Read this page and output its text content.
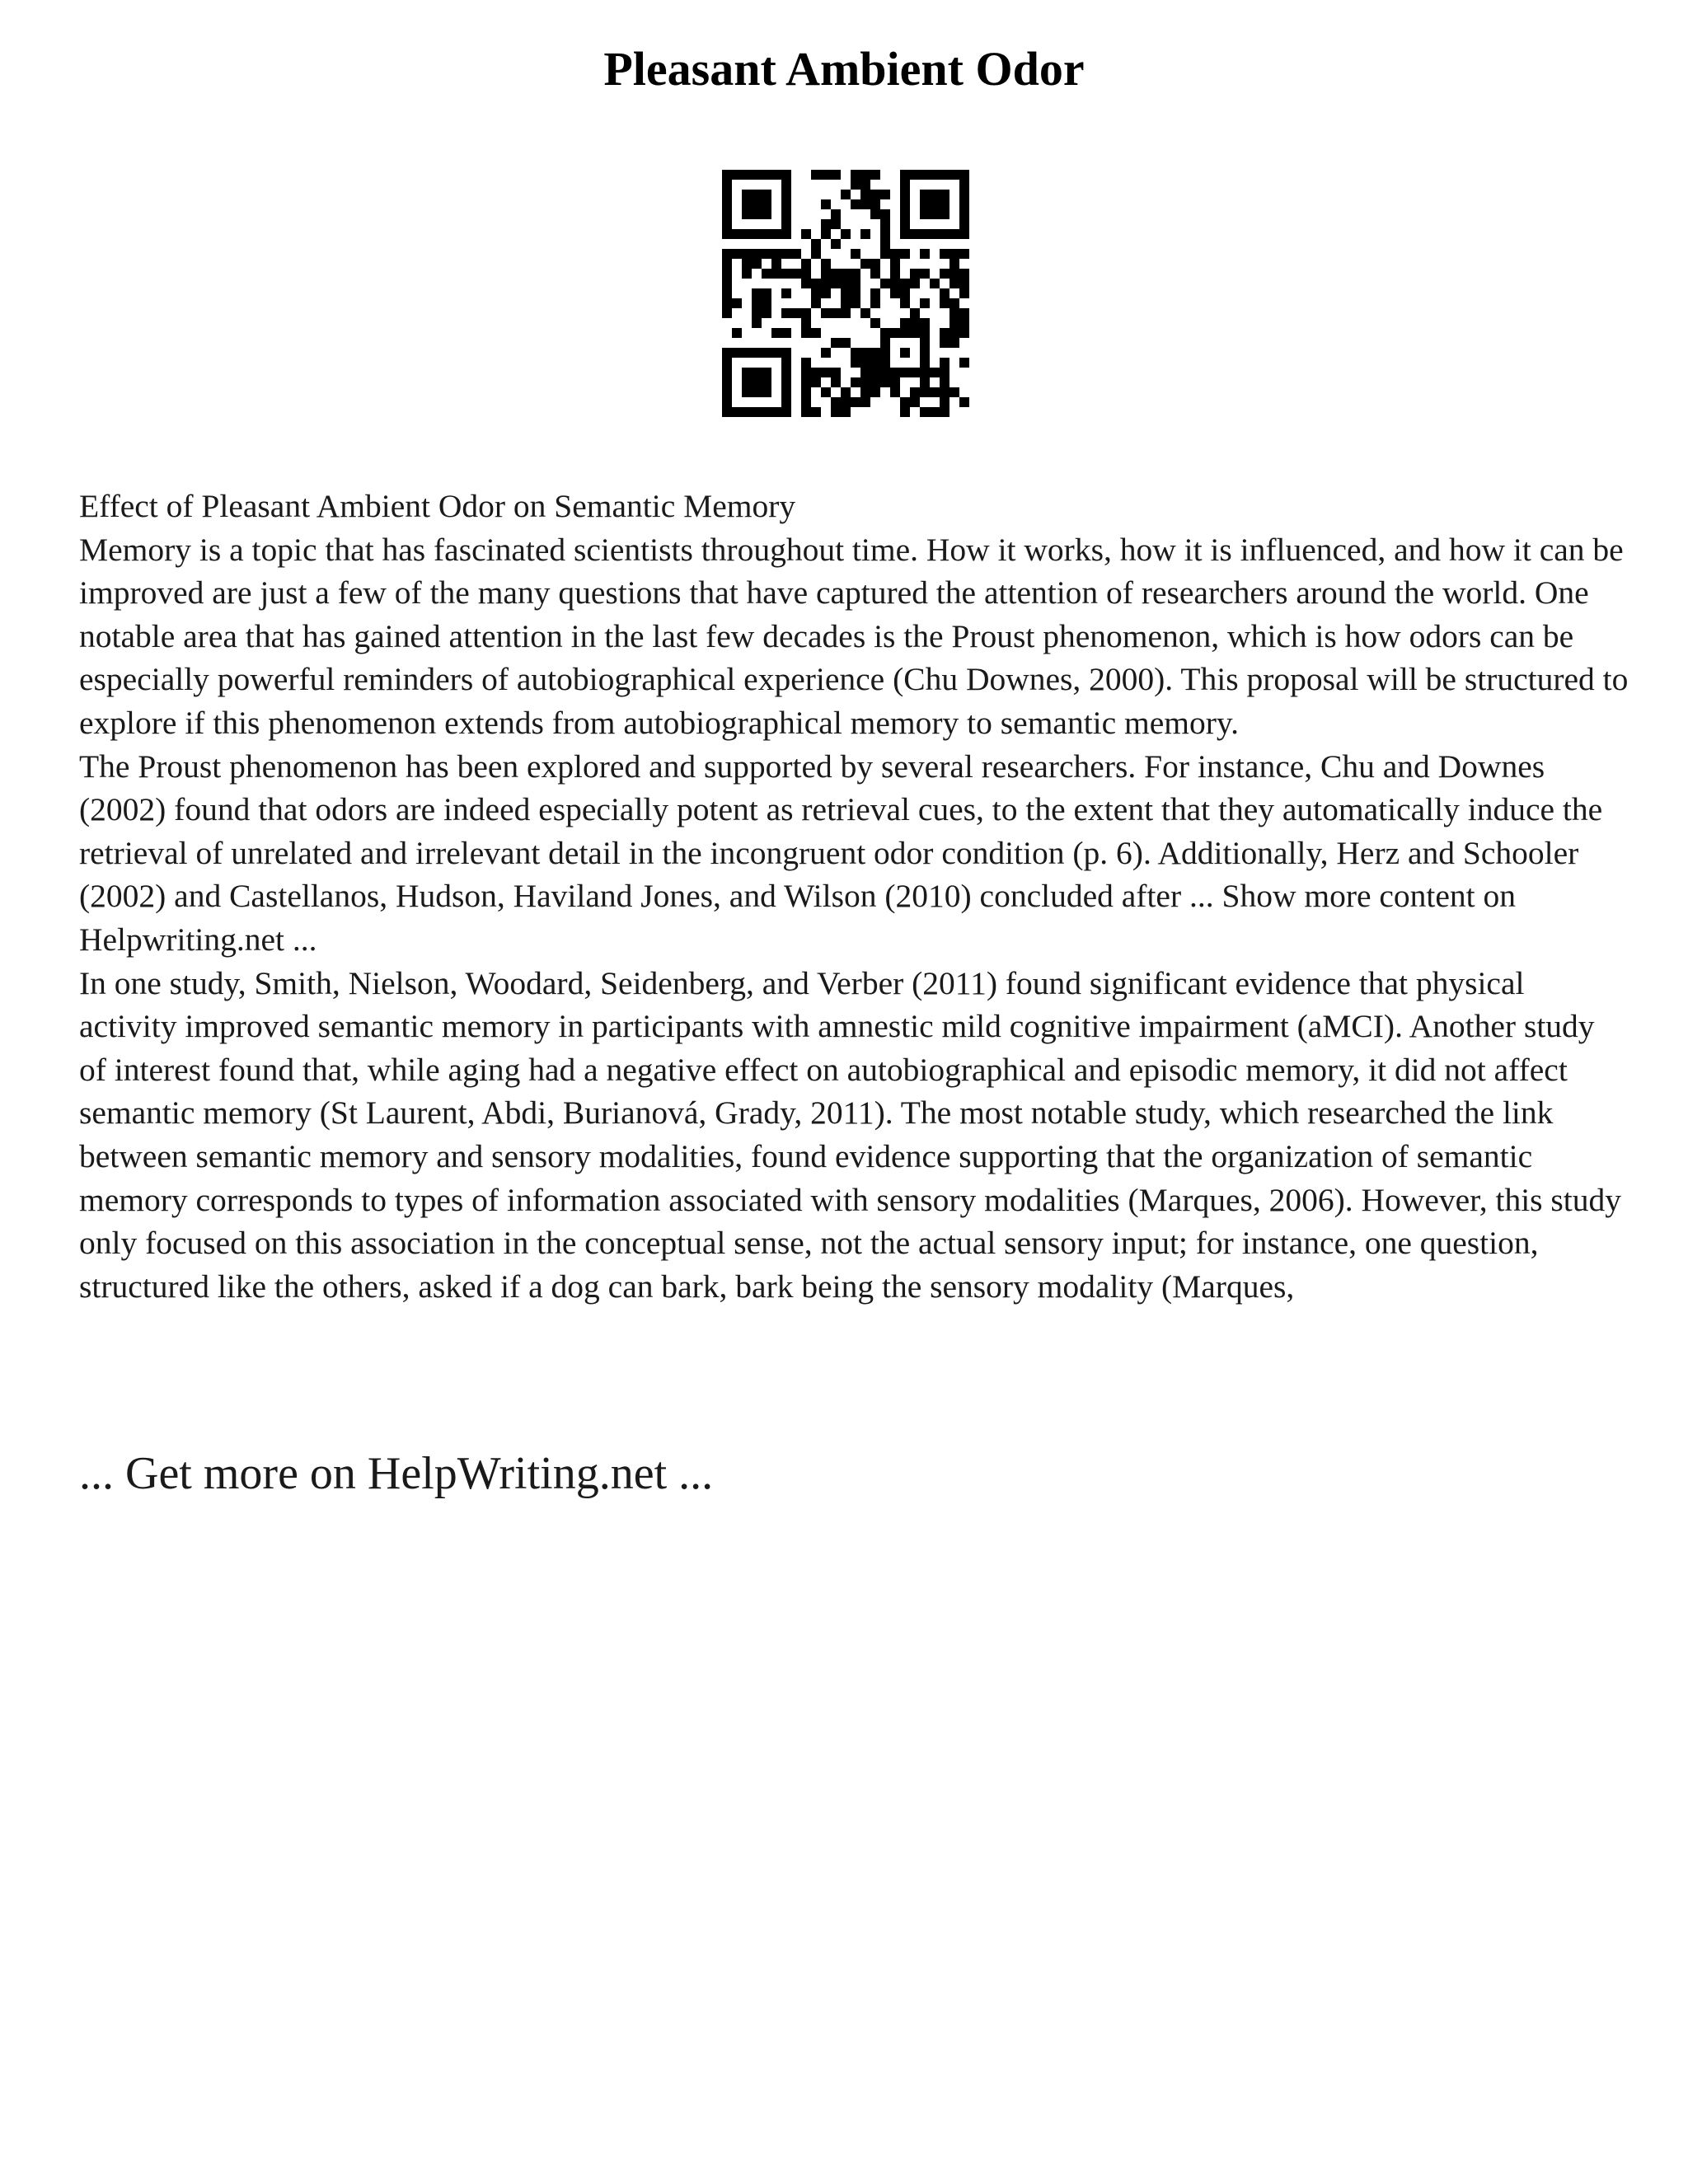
Pleasant Ambient Odor

Effect of Pleasant Ambient Odor on Semantic Memory

Memory is a topic that has fascinated scientists throughout time. How it works, how it is influenced, and how it can be improved are just a few of the many questions that have captured the attention of researchers around the world. One notable area that has gained attention in the last few decades is the Proust phenomenon, which is how odors can be especially powerful reminders of autobiographical experience (Chu Downes, 2000). This proposal will be structured to explore if this phenomenon extends from autobiographical memory to semantic memory.

The Proust phenomenon has been explored and supported by several researchers. For instance, Chu and Downes (2002) found that odors are indeed especially potent as retrieval cues, to the extent that they automatically induce the retrieval of unrelated and irrelevant detail in the incongruent odor condition (p. 6). Additionally, Herz and Schooler (2002) and Castellanos, Hudson, Haviland Jones, and Wilson (2010) concluded after ... Show more content on Helpwriting.net ...

In one study, Smith, Nielson, Woodard, Seidenberg, and Verber (2011) found significant evidence that physical activity improved semantic memory in participants with amnestic mild cognitive impairment (aMCI). Another study of interest found that, while aging had a negative effect on autobiographical and episodic memory, it did not affect semantic memory (St Laurent, Abdi, Burianová, Grady, 2011). The most notable study, which researched the link between semantic memory and sensory modalities, found evidence supporting that the organization of semantic memory corresponds to types of information associated with sensory modalities (Marques, 2006). However, this study only focused on this association in the conceptual sense, not the actual sensory input; for instance, one question, structured like the others, asked if a dog can bark, bark being the sensory modality (Marques,

... Get more on HelpWriting.net ...
